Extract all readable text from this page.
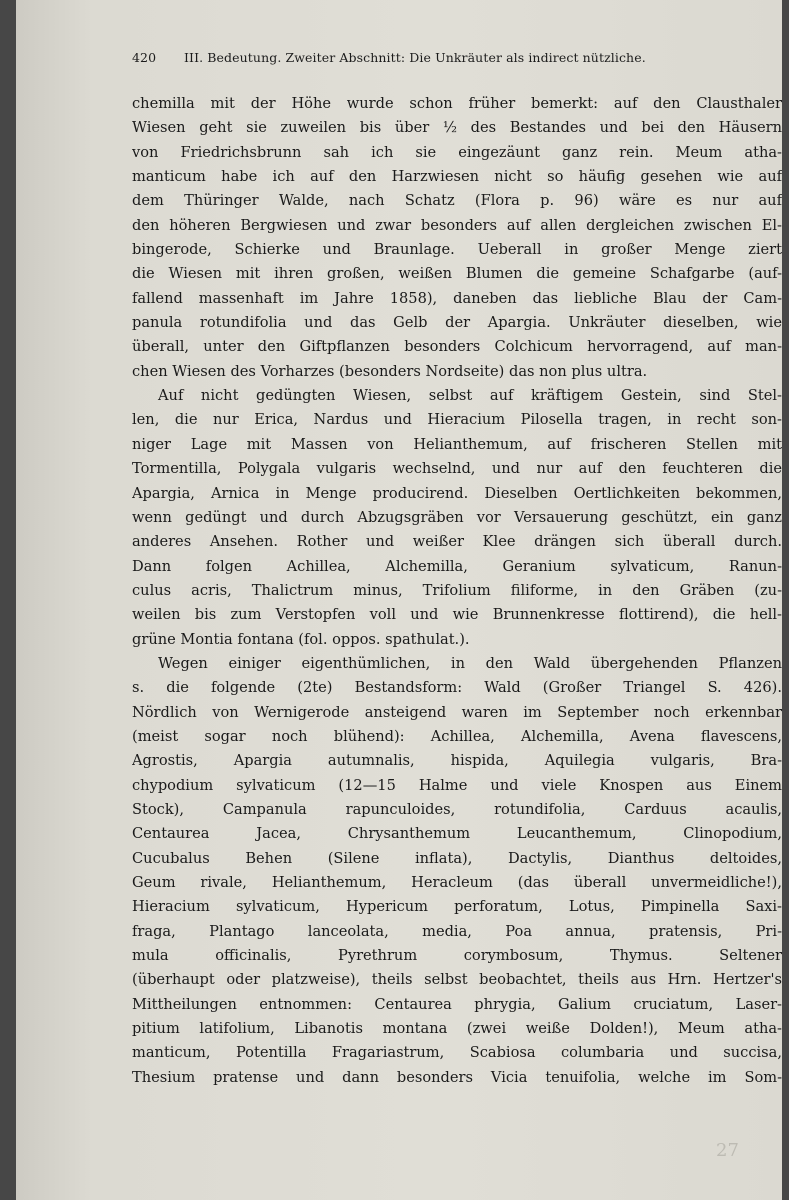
420 III. Bedeutung. Zweiter Abschnitt: Die Unkräuter als indirect nützliche.
chemilla mit der Höhe wurde schon früher bemerkt: auf den Clausthaler
Wiesen geht sie zuweilen bis über ½ des Bestandes und bei den Häusern
von Friedrichsbrunn sah ich sie eingezäunt ganz rein. Meum atha-
manticum habe ich auf den Harzwiesen nicht so häufig gesehen wie auf
dem Thüringer Walde, nach Schatz (Flora p. 96) wäre es nur auf
den höheren Bergwiesen und zwar besonders auf allen dergleichen zwischen El-
bingerode, Schierke und Braunlage. Ueberall in großer Menge ziert
die Wiesen mit ihren großen, weißen Blumen die gemeine Schafgarbe (auf-
fallend massenhaft im Jahre 1858), daneben das liebliche Blau der Cam-
panula rotundifolia und das Gelb der Apargia. Unkräuter dieselben, wie
überall, unter den Giftpflanzen besonders Colchicum hervorragend, auf man-
chen Wiesen des Vorharzes (besonders Nordseite) das non plus ultra.
Auf nicht gedüngten Wiesen, selbst auf kräftigem Gestein, sind Stel-
len, die nur Erica, Nardus und Hieracium Pilosella tragen, in recht son-
niger Lage mit Massen von Helianthemum, auf frischeren Stellen mit
Tormentilla, Polygala vulgaris wechselnd, und nur auf den feuchteren die
Apargia, Arnica in Menge producirend. Dieselben Oertlichkeiten bekommen,
wenn gedüngt und durch Abzugsgräben vor Versauerung geschützt, ein ganz
anderes Ansehen. Rother und weißer Klee drängen sich überall durch.
Dann folgen Achillea, Alchemilla, Geranium sylvaticum, Ranun-
culus acris, Thalictrum minus, Trifolium filiforme, in den Gräben (zu-
weilen bis zum Verstopfen voll und wie Brunnenkresse flottirend), die hell-
grüne Montia fontana (fol. oppos. spathulat.).
Wegen einiger eigenthümlichen, in den Wald übergehenden Pflanzen
s. die folgende (2te) Bestandsform: Wald (Großer Triangel S. 426).
Nördlich von Wernigerode ansteigend waren im September noch erkennbar
(meist sogar noch blühend): Achillea, Alchemilla, Avena flavescens,
Agrostis, Apargia autumnalis, hispida, Aquilegia vulgaris, Bra-
chypodium sylvaticum (12—15 Halme und viele Knospen aus Einem
Stock), Campanula rapunculoides, rotundifolia, Carduus acaulis,
Centaurea Jacea, Chrysanthemum Leucanthemum, Clinopodium,
Cucubalus Behen (Silene inflata), Dactylis, Dianthus deltoides,
Geum rivale, Helianthemum, Heracleum (das überall unvermeidliche!),
Hieracium sylvaticum, Hypericum perforatum, Lotus, Pimpinella Saxi-
fraga, Plantago lanceolata, media, Poa annua, pratensis, Pri-
mula officinalis, Pyrethrum corymbosum, Thymus. Seltener
(überhaupt oder platzweise), theils selbst beobachtet, theils aus Hrn. Hertzer's
Mittheilungen entnommen: Centaurea phrygia, Galium cruciatum, Laser-
pitium latifolium, Libanotis montana (zwei weiße Dolden!), Meum atha-
manticum, Potentilla Fragariastrum, Scabiosa columbaria und succisa,
Thesium pratense und dann besonders Vicia tenuifolia, welche im Som-
27
